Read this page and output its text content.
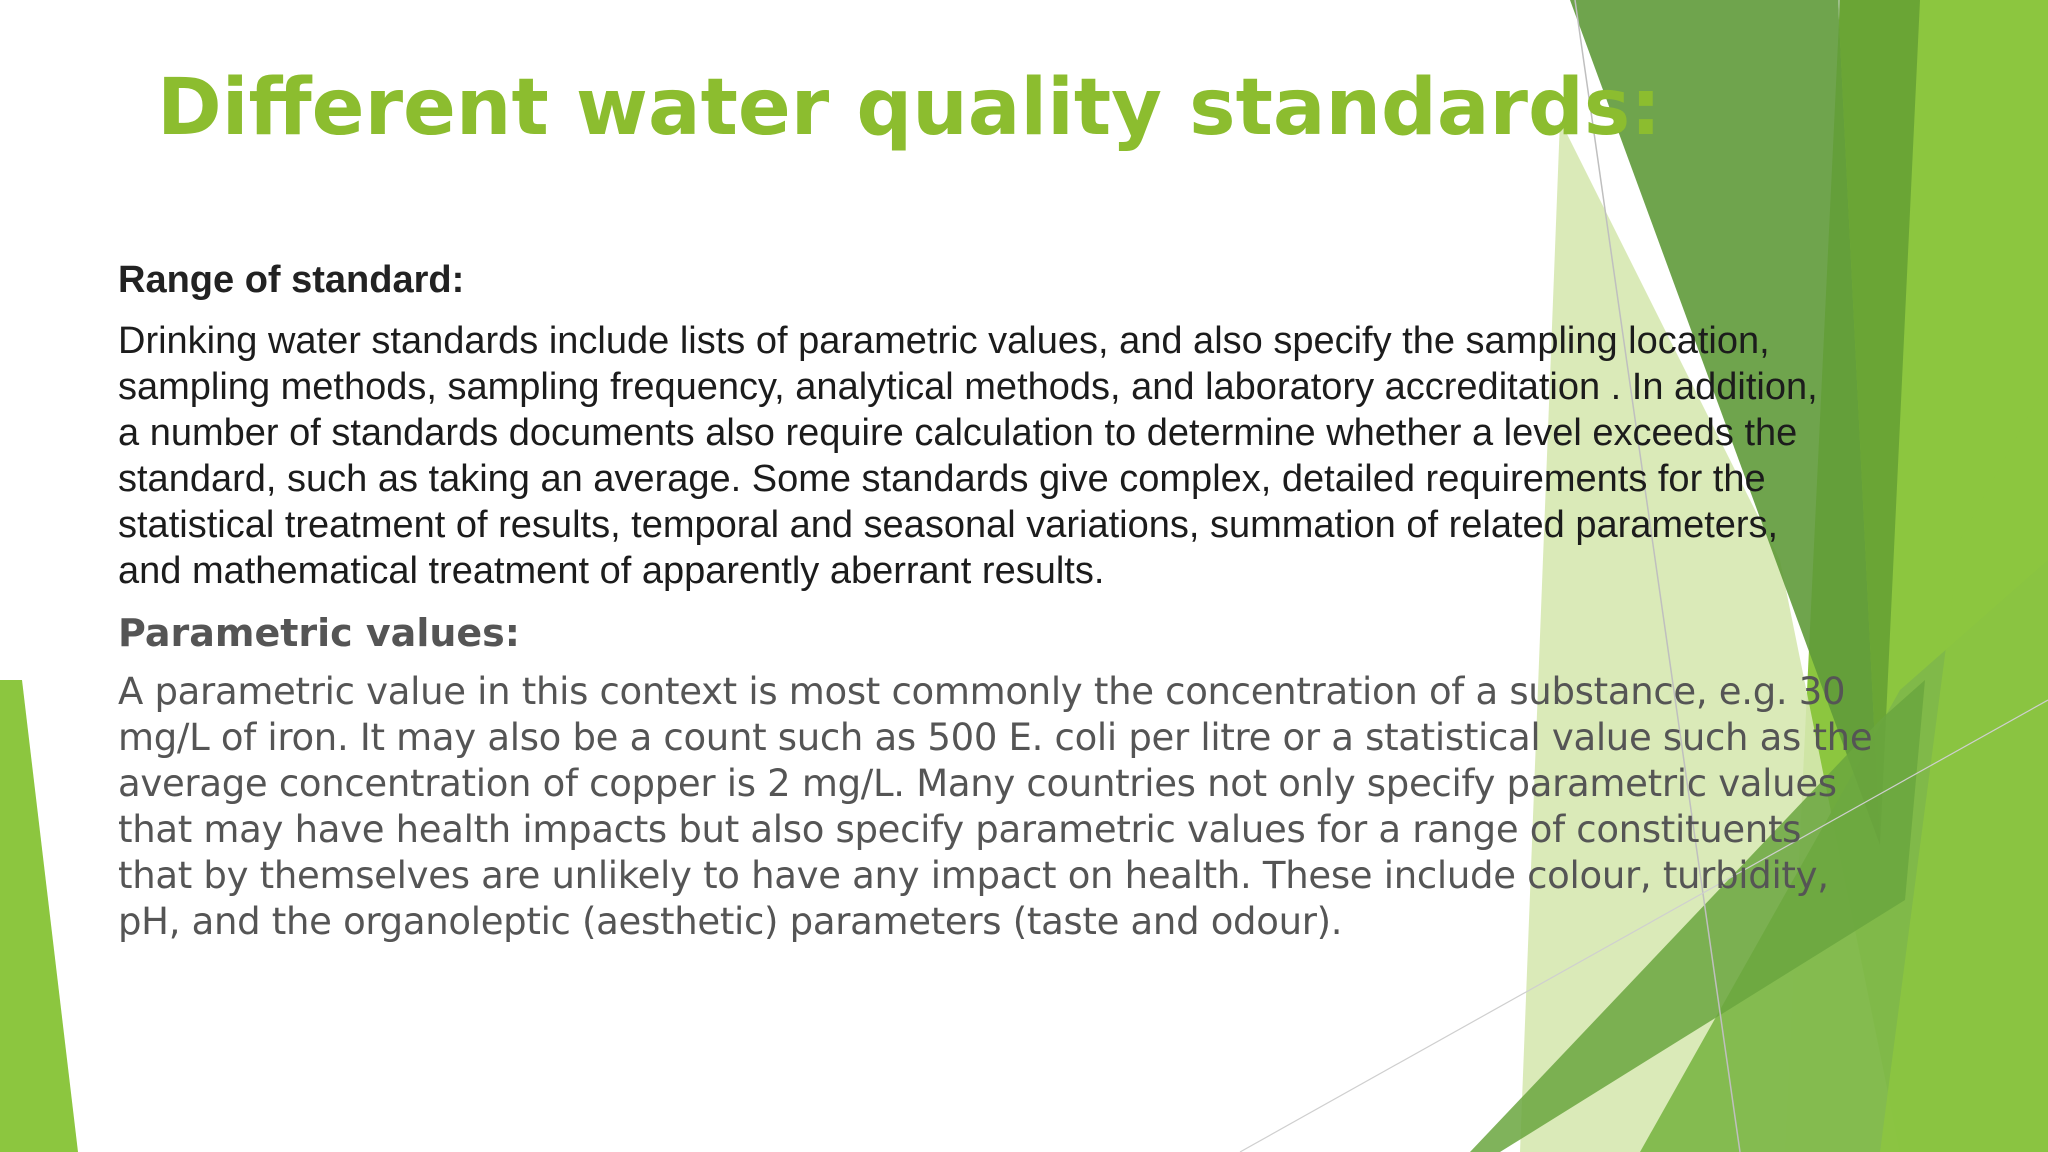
Different water quality standards:

Range of standard:

Drinking water standards include lists of parametric values, and also specify the sampling location, sampling methods, sampling frequency, analytical methods, and laboratory accreditation . In addition, a number of standards documents also require calculation to determine whether a level exceeds the standard, such as taking an average. Some standards give complex, detailed requirements for the statistical treatment of results, temporal and seasonal variations, summation of related parameters, and mathematical treatment of apparently aberrant results.

Parametric values:

A parametric value in this context is most commonly the concentration of a substance, e.g. 30 mg/L of iron. It may also be a count such as 500 E. coli per litre or a statistical value such as the average concentration of copper is 2 mg/L. Many countries not only specify parametric values that may have health impacts but also specify parametric values for a range of constituents that by themselves are unlikely to have any impact on health. These include colour, turbidity, pH, and the organoleptic (aesthetic) parameters (taste and odour).
